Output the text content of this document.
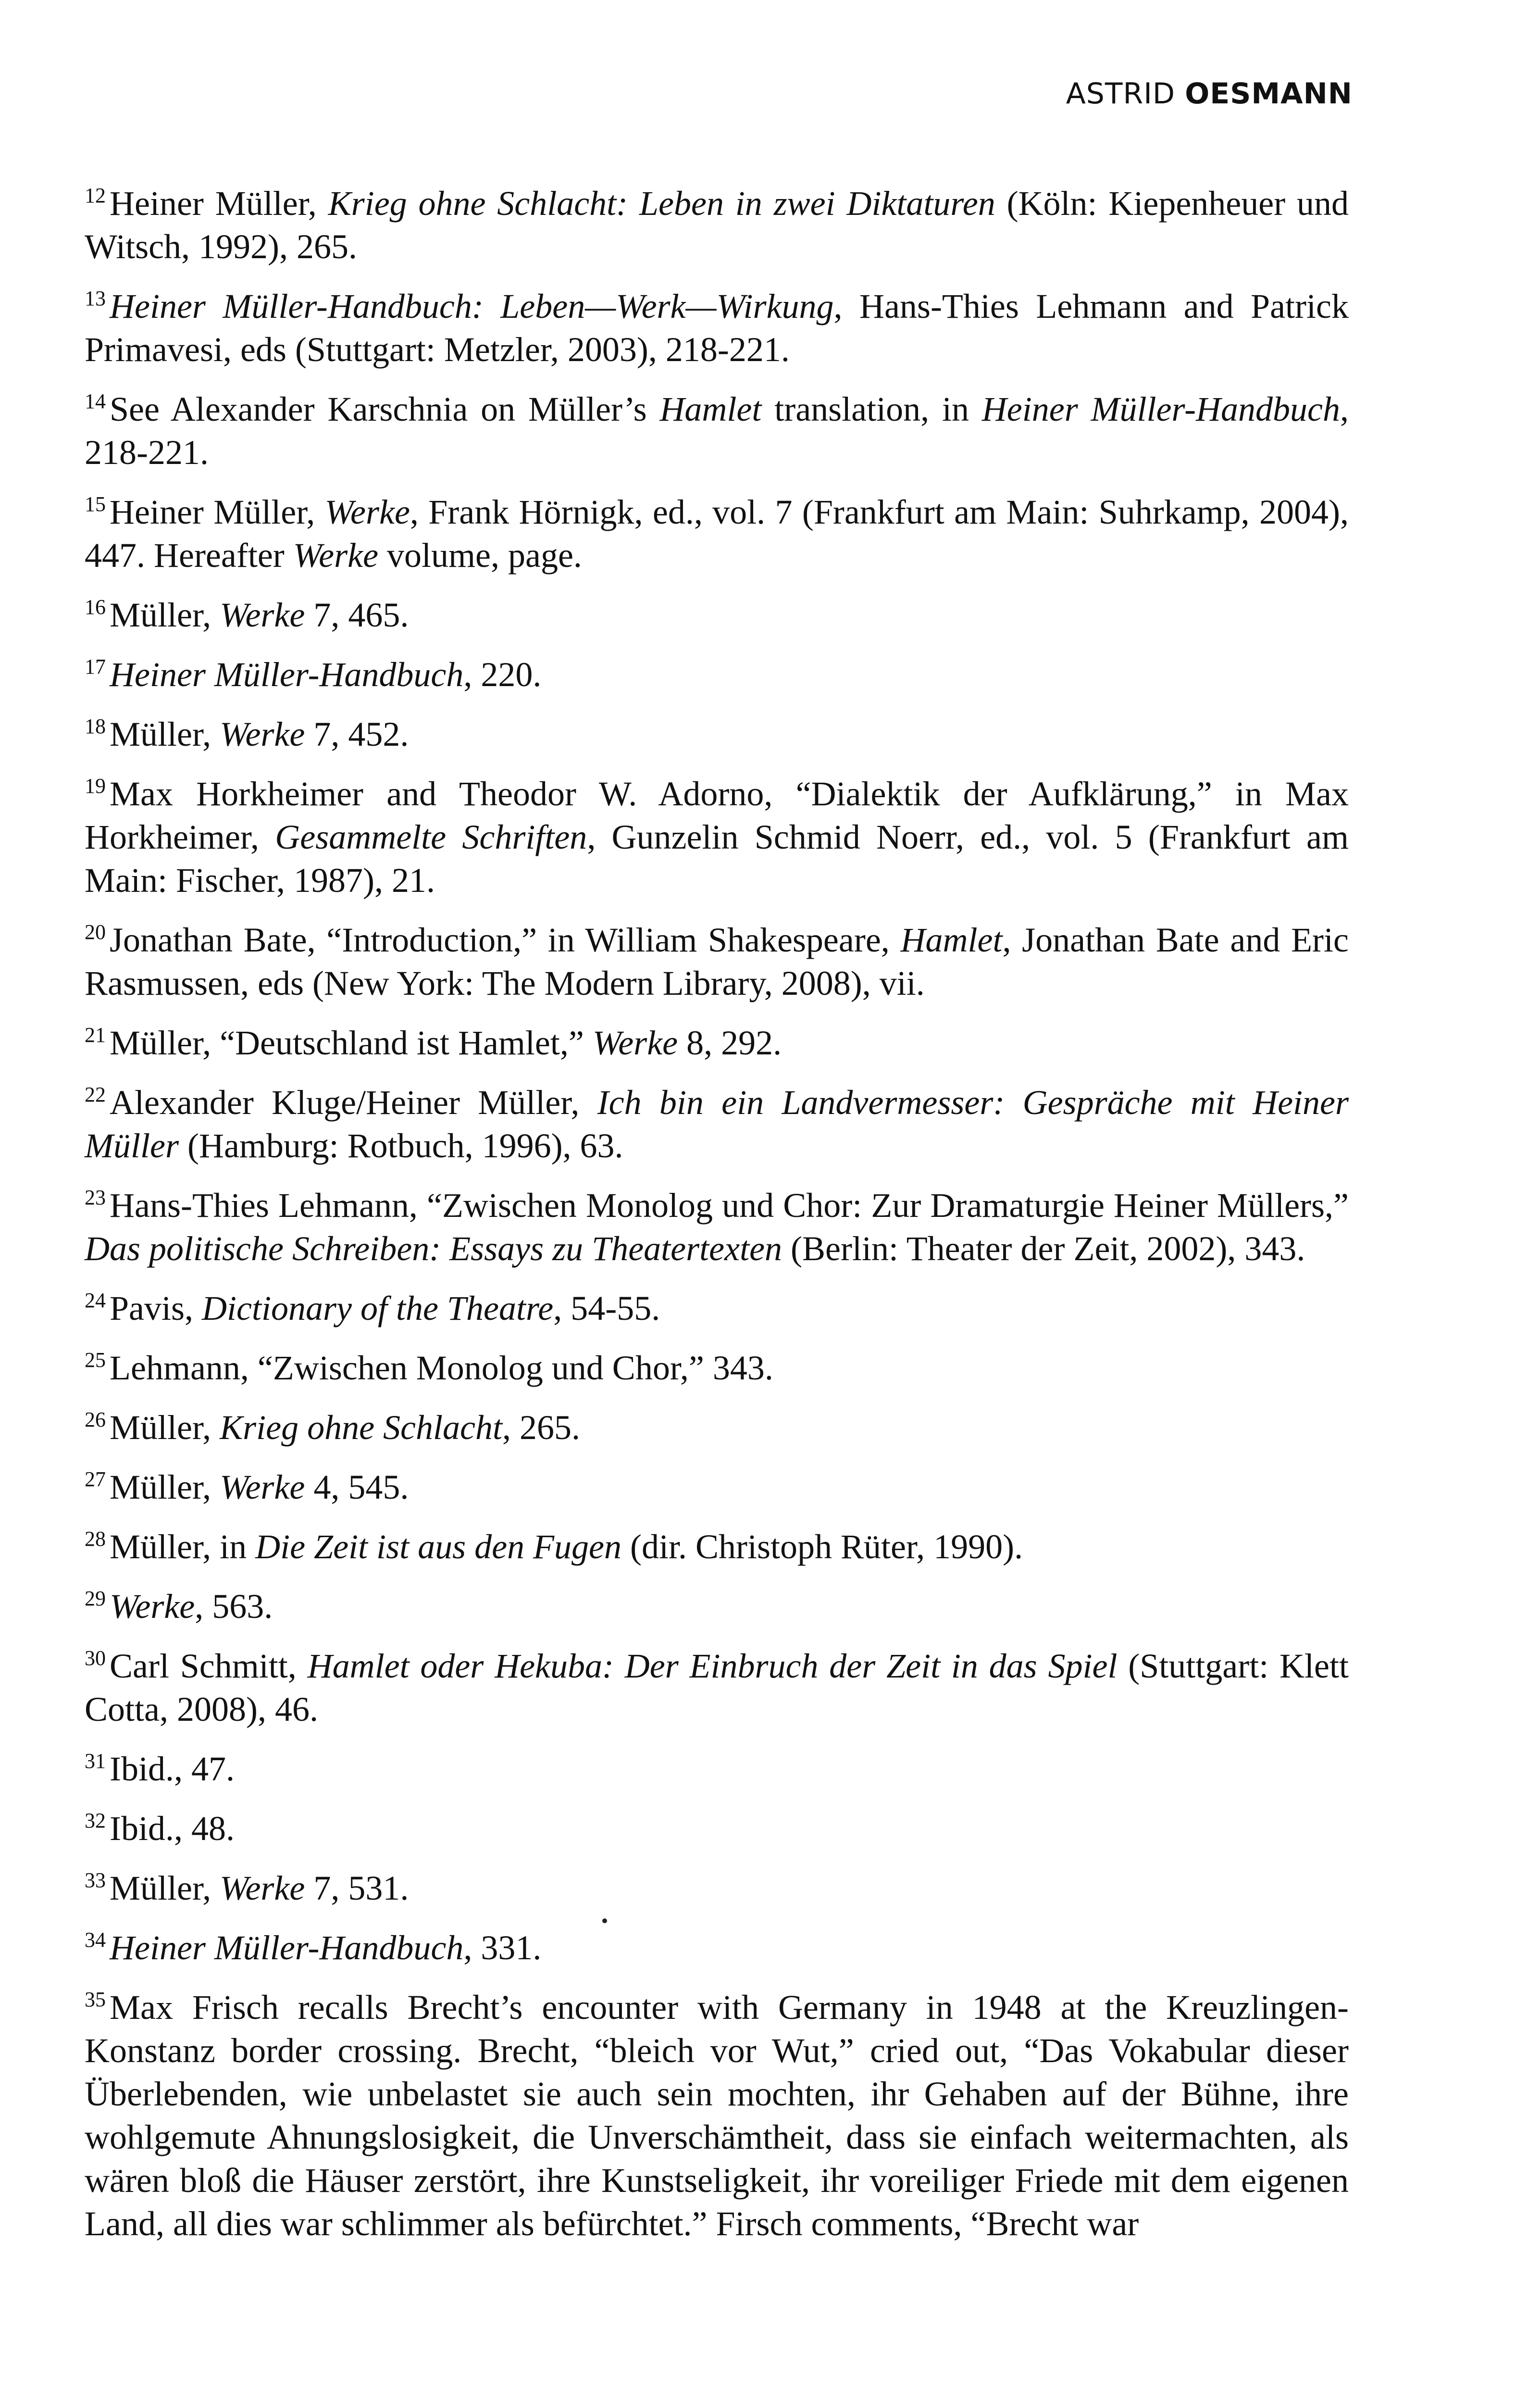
ASTRID OESMANN

$^{12}$ Heiner Müller, Krieg ohne Schlacht: Leben in zwei Diktaturen (Köln: Kiepenheuer und Witsch, 1992), 265.

$^{13}$ Heiner Müller-Handbuch: Leben—Werk—Wirkung, Hans-Thies Lehmann and Patrick Primavesi, eds (Stuttgart: Metzler, 2003), 218-221.

$^{14}$ See Alexander Karschnia on Müller’s Hamlet translation, in Heiner Müller-Handbuch, 218-221.

$^{15}$ Heiner Müller, Werke, Frank Hörnigk, ed., vol. 7 (Frankfurt am Main: Suhrkamp, 2004), 447. Hereafter Werke volume, page.

$^{16}$ Müller, Werke 7, 465.

$^{17}$ Heiner Müller-Handbuch, 220.

$^{18}$ Müller, Werke 7, 452.

$^{19}$ Max Horkheimer and Theodor W. Adorno, “Dialektik der Aufklärung,” in Max Horkheimer, Gesammelte Schriften, Gunzelin Schmid Noerr, ed., vol. 5 (Frankfurt am Main: Fischer, 1987), 21.

$^{20}$ Jonathan Bate, “Introduction,” in William Shakespeare, Hamlet, Jonathan Bate and Eric Rasmussen, eds (New York: The Modern Library, 2008), vii.

$^{21}$ Müller, “Deutschland ist Hamlet,” Werke 8, 292.

$^{22}$ Alexander Kluge/Heiner Müller, Ich bin ein Landvermesser: Gespräche mit Heiner Müller (Hamburg: Rotbuch, 1996), 63.

$^{23}$ Hans-Thies Lehmann, “Zwischen Monolog und Chor: Zur Dramaturgie Heiner Müllers,” Das politische Schreiben: Essays zu Theatertexten (Berlin: Theater der Zeit, 2002), 343.

$^{24}$ Pavis, Dictionary of the Theatre, 54-55.

$^{25}$ Lehmann, “Zwischen Monolog und Chor,” 343.

$^{26}$ Müller, Krieg ohne Schlacht, 265.

$^{27}$ Müller, Werke 4, 545.

$^{28}$ Müller, in Die Zeit ist aus den Fugen (dir. Christoph Rüter, 1990).

$^{29}$ Werke, 563.

$^{30}$ Carl Schmitt, Hamlet oder Hekuba: Der Einbruch der Zeit in das Spiel (Stuttgart: Klett Cotta, 2008), 46.

$^{31}$ Ibid., 47.

$^{32}$ Ibid., 48.

$^{33}$ Müller, Werke 7, 531.

$^{34}$ Heiner Müller-Handbuch, 331.

$^{35}$ Max Frisch recalls Brecht’s encounter with Germany in 1948 at the Kreuzlingen-Konstanz border crossing. Brecht, “bleich vor Wut,” cried out, “Das Vokabular dieser Überlebenden, wie unbelastet sie auch sein mochten, ihr Gehaben auf der Bühne, ihre wohlgemute Ahnungslosigkeit, die Unverschämtheit, dass sie einfach weitermachten, als wären bloß die Häuser zerstört, ihre Kunstseligkeit, ihr voreiliger Friede mit dem eigenen Land, all dies war schlimmer als befürchtet.” Firsch comments, “Brecht war
